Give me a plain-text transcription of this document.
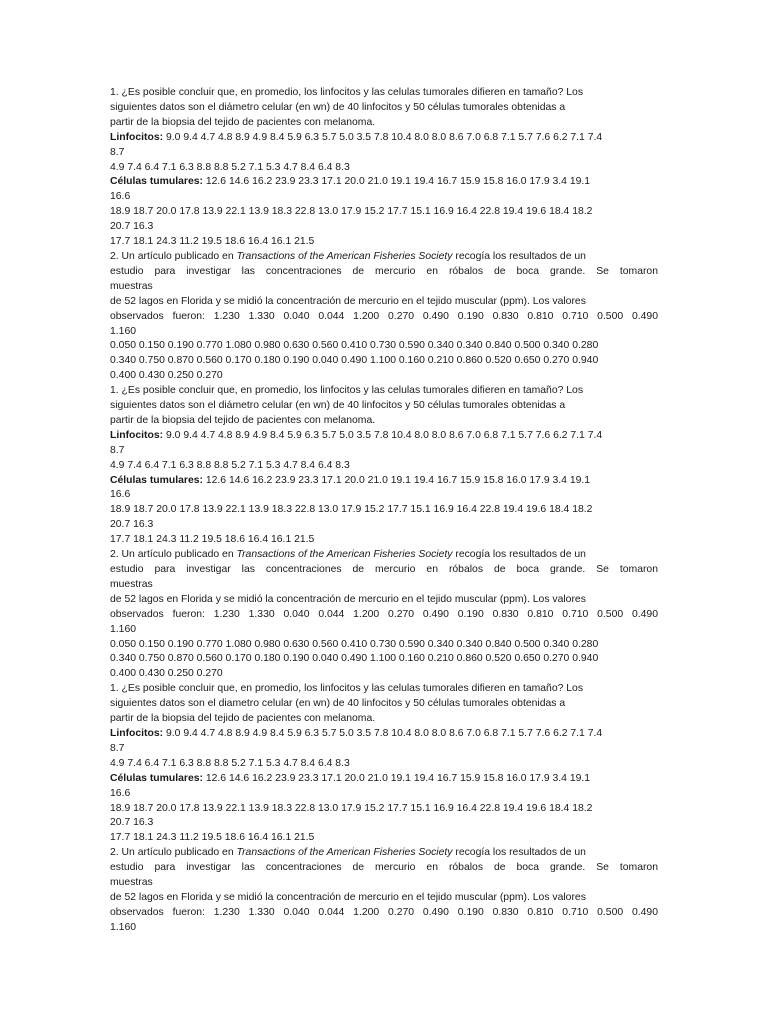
1. ¿Es posible concluir que, en promedio, los linfocitos y las celulas tumorales difieren en tamaño? Los
siguientes datos son el diámetro celular (en wn) de 40 linfocitos y 50 células tumorales obtenidas a
partir de la biopsia del tejido de pacientes con melanoma.
Linfocitos: 9.0 9.4 4.7 4.8 8.9 4.9 8.4 5.9 6.3 5.7 5.0 3.5 7.8 10.4 8.0 8.0 8.6 7.0 6.8 7.1 5.7 7.6 6.2 7.1 7.4
8.7
4.9 7.4 6.4 7.1 6.3 8.8 8.8 5.2 7.1 5.3 4.7 8.4 6.4 8.3
Células tumulares: 12.6 14.6 16.2 23.9 23.3 17.1 20.0 21.0 19.1 19.4 16.7 15.9 15.8 16.0 17.9 3.4 19.1
16.6
18.9 18.7 20.0 17.8 13.9 22.1 13.9 18.3 22.8 13.0 17.9 15.2 17.7 15.1 16.9 16.4 22.8 19.4 19.6 18.4 18.2
20.7 16.3
17.7 18.1 24.3 11.2 19.5 18.6 16.4 16.1 21.5
2. Un artículo publicado en Transactions of the American Fisheries Society recogía los resultados de un
estudio para investigar las concentraciones de mercurio en róbalos de boca grande. Se tomaron
muestras
de 52 lagos en Florida y se midió la concentración de mercurio en el tejido muscular (ppm). Los valores
observados fueron: 1.230 1.330 0.040 0.044 1.200 0.270 0.490 0.190 0.830 0.810 0.710 0.500 0.490
1.160
0.050 0.150 0.190 0.770 1.080 0.980 0.630 0.560 0.410 0.730 0.590 0.340 0.340 0.840 0.500 0.340 0.280
0.340 0.750 0.870 0.560 0.170 0.180 0.190 0.040 0.490 1.100 0.160 0.210 0.860 0.520 0.650 0.270 0.940
0.400 0.430 0.250 0.270
1. ¿Es posible concluir que, en promedio, los linfocitos y las celulas tumorales difieren en tamaño? Los
siguientes datos son el diámetro celular (en wn) de 40 linfocitos y 50 células tumorales obtenidas a
partir de la biopsia del tejido de pacientes con melanoma.
Linfocitos: 9.0 9.4 4.7 4.8 8.9 4.9 8.4 5.9 6.3 5.7 5.0 3.5 7.8 10.4 8.0 8.0 8.6 7.0 6.8 7.1 5.7 7.6 6.2 7.1 7.4
8.7
4.9 7.4 6.4 7.1 6.3 8.8 8.8 5.2 7.1 5.3 4.7 8.4 6.4 8.3
Células tumulares: 12.6 14.6 16.2 23.9 23.3 17.1 20.0 21.0 19.1 19.4 16.7 15.9 15.8 16.0 17.9 3.4 19.1
16.6
18.9 18.7 20.0 17.8 13.9 22.1 13.9 18.3 22.8 13.0 17.9 15.2 17.7 15.1 16.9 16.4 22.8 19.4 19.6 18.4 18.2
20.7 16.3
17.7 18.1 24.3 11.2 19.5 18.6 16.4 16.1 21.5
2. Un artículo publicado en Transactions of the American Fisheries Society recogía los resultados de un
estudio para investigar las concentraciones de mercurio en róbalos de boca grande. Se tomaron
muestras
de 52 lagos en Florida y se midió la concentración de mercurio en el tejido muscular (ppm). Los valores
observados fueron: 1.230 1.330 0.040 0.044 1.200 0.270 0.490 0.190 0.830 0.810 0.710 0.500 0.490
1.160
0.050 0.150 0.190 0.770 1.080 0.980 0.630 0.560 0.410 0.730 0.590 0.340 0.340 0.840 0.500 0.340 0.280
0.340 0.750 0.870 0.560 0.170 0.180 0.190 0.040 0.490 1.100 0.160 0.210 0.860 0.520 0.650 0.270 0.940
0.400 0.430 0.250 0.270
1. ¿Es posible concluir que, en promedio, los linfocitos y las celulas tumorales difieren en tamaño? Los
siguientes datos son el diametro celular (en wn) de 40 linfocitos y 50 células tumorales obtenidas a
partir de la biopsia del tejido de pacientes con melanoma.
Linfocitos: 9.0 9.4 4.7 4.8 8.9 4.9 8.4 5.9 6.3 5.7 5.0 3.5 7.8 10.4 8.0 8.0 8.6 7.0 6.8 7.1 5.7 7.6 6.2 7.1 7.4
8.7
4.9 7.4 6.4 7.1 6.3 8.8 8.8 5.2 7.1 5.3 4.7 8.4 6.4 8.3
Células tumulares: 12.6 14.6 16.2 23.9 23.3 17.1 20.0 21.0 19.1 19.4 16.7 15.9 15.8 16.0 17.9 3.4 19.1
16.6
18.9 18.7 20.0 17.8 13.9 22.1 13.9 18.3 22.8 13.0 17.9 15.2 17.7 15.1 16.9 16.4 22.8 19.4 19.6 18.4 18.2
20.7 16.3
17.7 18.1 24.3 11.2 19.5 18.6 16.4 16.1 21.5
2. Un artículo publicado en Transactions of the American Fisheries Society recogía los resultados de un
estudio para investigar las concentraciones de mercurio en róbalos de boca grande. Se tomaron
muestras
de 52 lagos en Florida y se midió la concentración de mercurio en el tejido muscular (ppm). Los valores
observados fueron: 1.230 1.330 0.040 0.044 1.200 0.270 0.490 0.190 0.830 0.810 0.710 0.500 0.490
1.160
